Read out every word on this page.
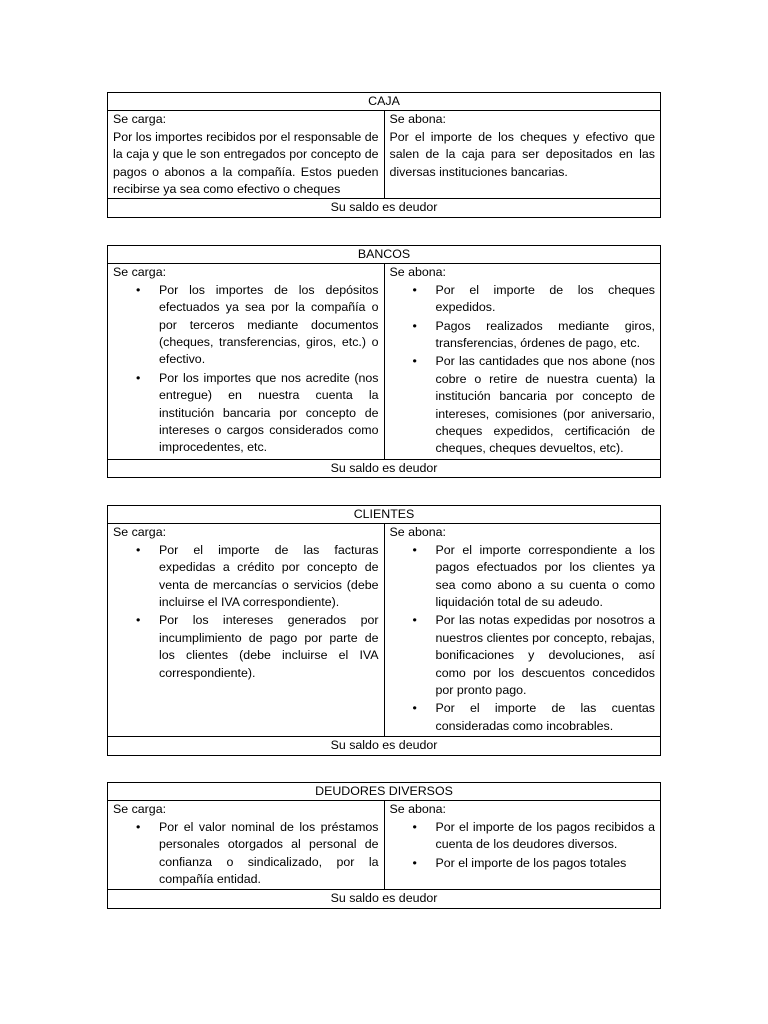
CAJA

Se carga:
Por los importes recibidos por el responsable de la caja y que le son entregados por concepto de pagos o abonos a la compañía. Estos pueden recibirse ya sea como efectivo o cheques

Se abona:
Por el importe de los cheques y efectivo que salen de la caja para ser depositados en las diversas instituciones bancarias.

Su saldo es deudor
BANCOS

Se carga:
• Por los importes de los depósitos efectuados ya sea por la compañía o por terceros mediante documentos (cheques, transferencias, giros, etc.) o efectivo.
• Por los importes que nos acredite (nos entregue) en nuestra cuenta la institución bancaria por concepto de intereses o cargos considerados como improcedentes, etc.

Se abona:
• Por el importe de los cheques expedidos.
• Pagos realizados mediante giros, transferencias, órdenes de pago, etc.
• Por las cantidades que nos abone (nos cobre o retire de nuestra cuenta) la institución bancaria por concepto de intereses, comisiones (por aniversario, cheques expedidos, certificación de cheques, cheques devueltos, etc).

Su saldo es deudor
CLIENTES

Se carga:
• Por el importe de las facturas expedidas a crédito por concepto de venta de mercancías o servicios (debe incluirse el IVA correspondiente).
• Por los intereses generados por incumplimiento de pago por parte de los clientes (debe incluirse el IVA correspondiente).

Se abona:
• Por el importe correspondiente a los pagos efectuados por los clientes ya sea como abono a su cuenta o como liquidación total de su adeudo.
• Por las notas expedidas por nosotros a nuestros clientes por concepto, rebajas, bonificaciones y devoluciones, así como por los descuentos concedidos por pronto pago.
• Por el importe de las cuentas consideradas como incobrables.

Su saldo es deudor
DEUDORES DIVERSOS

Se carga:
• Por el valor nominal de los préstamos personales otorgados al personal de confianza o sindicalizado, por la compañía entidad.

Se abona:
• Por el importe de los pagos recibidos a cuenta de los deudores diversos.
• Por el importe de los pagos totales

Su saldo es deudor
